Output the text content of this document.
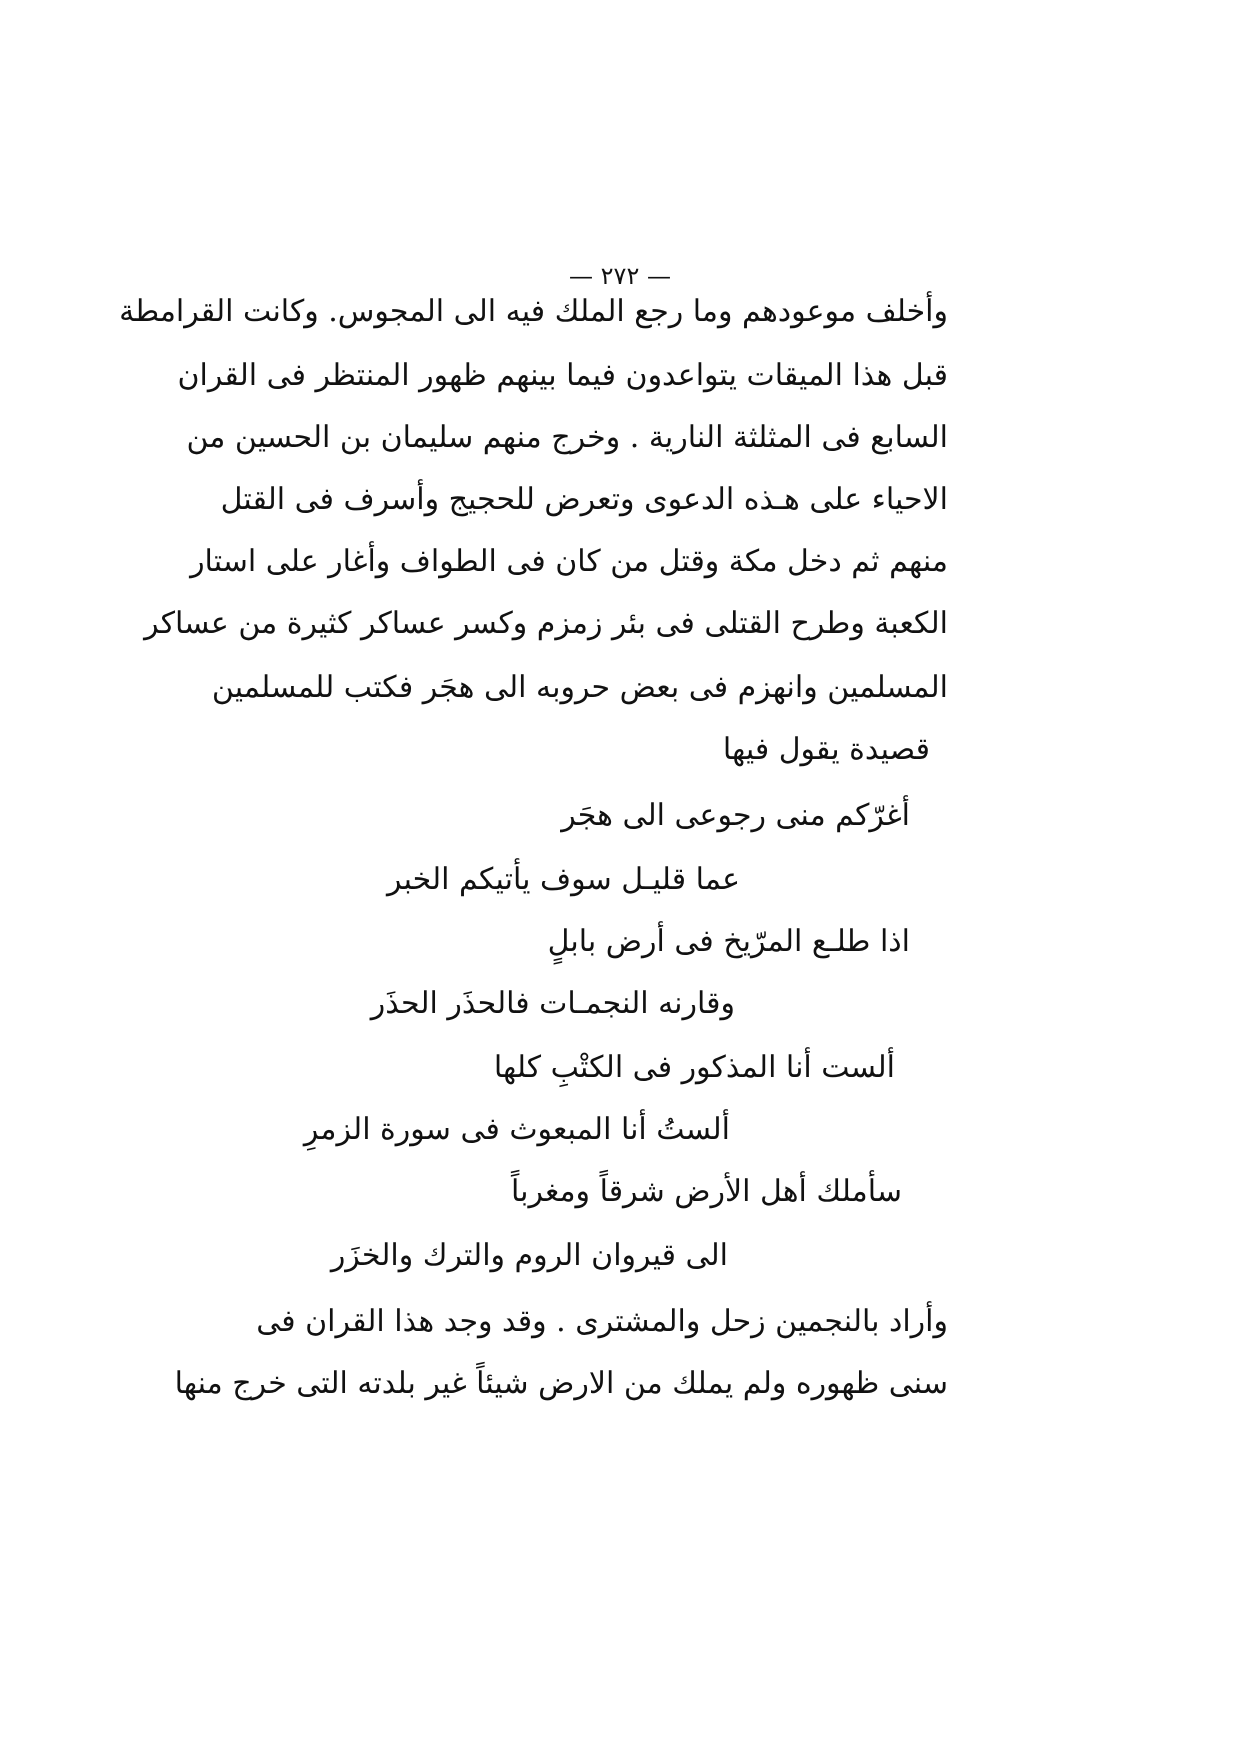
— ٢٧٢ —
وأخلف موعودهم وما رجع الملك فيه الى المجوس. وكانت القرامطة
قبل هذا الميقات يتواعدون فيما بينهم ظهور المنتظر فى القران
السابع فى المثلثة النارية . وخرج منهم سليمان بن الحسين من
الاحياء على هـذه الدعوى وتعرض للحجيج وأسرف فى القتل
منهم ثم دخل مكة وقتل من كان فى الطواف وأغار على استار
الكعبة وطرح القتلى فى بئر زمزم وكسر عساكر كثيرة من عساكر
المسلمين وانهزم فى بعض حروبه الى هجَر فكتب للمسلمين
قصيدة يقول فيها
أغرّكم منى رجوعى الى هجَر
عما قليـل سوف يأتيكم الخبر
اذا طلـع المرّيخ فى أرض بابلٍ
وقارنه النجمـات فالحذَر الحذَر
ألست أنا المذكور فى الكتْبِ كلها
ألستُ أنا المبعوث فى سورة الزمرِ
سأملك أهل الأرض شرقاً ومغرباً
الى قيروان الروم والترك والخزَر
وأراد بالنجمين زحل والمشترى . وقد وجد هذا القران فى
سنى ظهوره ولم يملك من الارض شيئاً غير بلدته التى خرج منها
